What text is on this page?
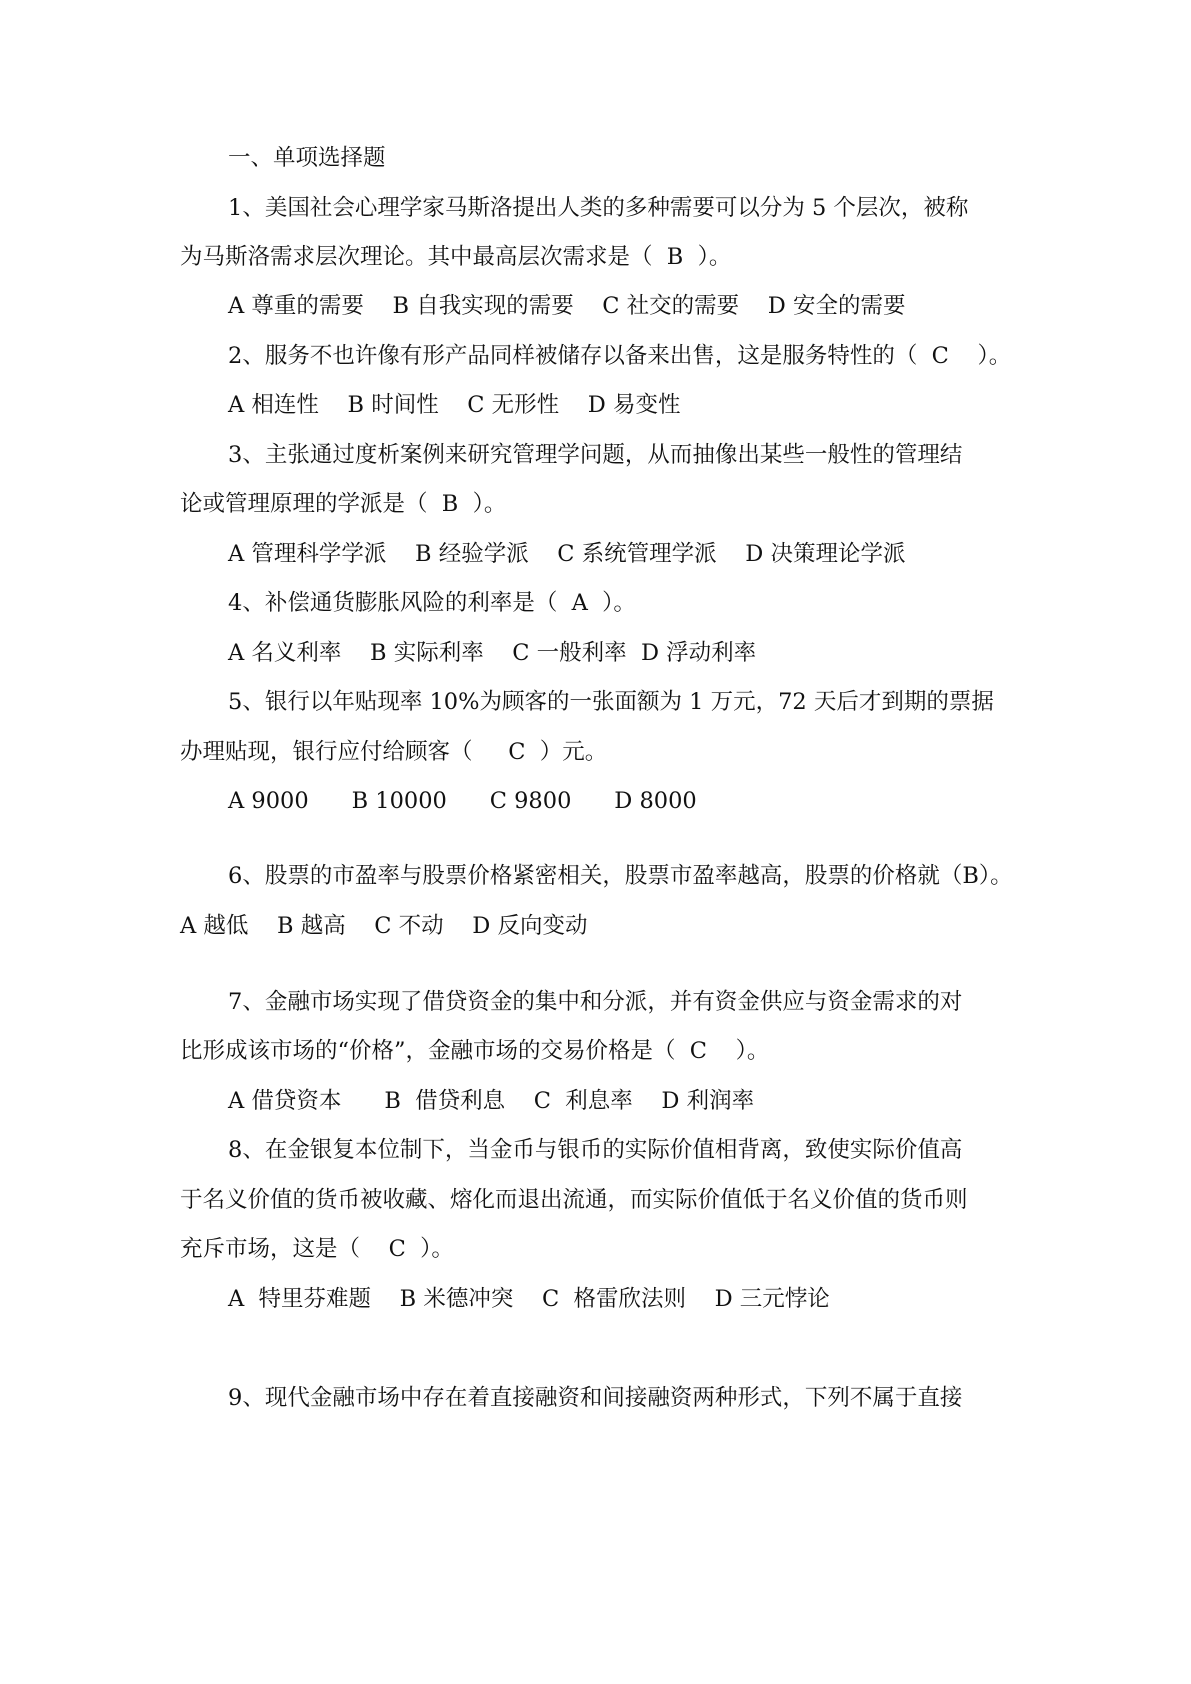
一、单项选择题
1、美国社会心理学家马斯洛提出人类的多种需要可以分为 5 个层次，被称
为马斯洛需求层次理论。其中最高层次需求是（  B  ）。
A 尊重的需要    B 自我实现的需要    C 社交的需要    D 安全的需要
2、服务不也许像有形产品同样被储存以备来出售，这是服务特性的（  C    ）。
A 相连性    B 时间性    C 无形性    D 易变性
3、主张通过度析案例来研究管理学问题，从而抽像出某些一般性的管理结
论或管理原理的学派是（  B  ）。
A 管理科学学派    B 经验学派    C 系统管理学派    D 决策理论学派
4、补偿通货膨胀风险的利率是（  A  ）。
A 名义利率    B 实际利率    C 一般利率  D 浮动利率
5、银行以年贴现率 10%为顾客的一张面额为 1 万元，72 天后才到期的票据
办理贴现，银行应付给顾客（     C  ）元。
A 9000      B 10000      C 9800      D 8000
6、股票的市盈率与股票价格紧密相关，股票市盈率越高，股票的价格就（B）。
A 越低    B 越高    C 不动    D 反向变动
7、金融市场实现了借贷资金的集中和分派，并有资金供应与资金需求的对
比形成该市场的“价格”，金融市场的交易价格是（  C    ）。
A 借贷资本      B  借贷利息    C  利息率    D 利润率
8、在金银复本位制下，当金币与银币的实际价值相背离，致使实际价值高
于名义价值的货币被收藏、熔化而退出流通，而实际价值低于名义价值的货币则
充斥市场，这是（    C  ）。
A  特里芬难题    B 米德冲突    C  格雷欣法则    D 三元悖论
9、现代金融市场中存在着直接融资和间接融资两种形式，下列不属于直接
